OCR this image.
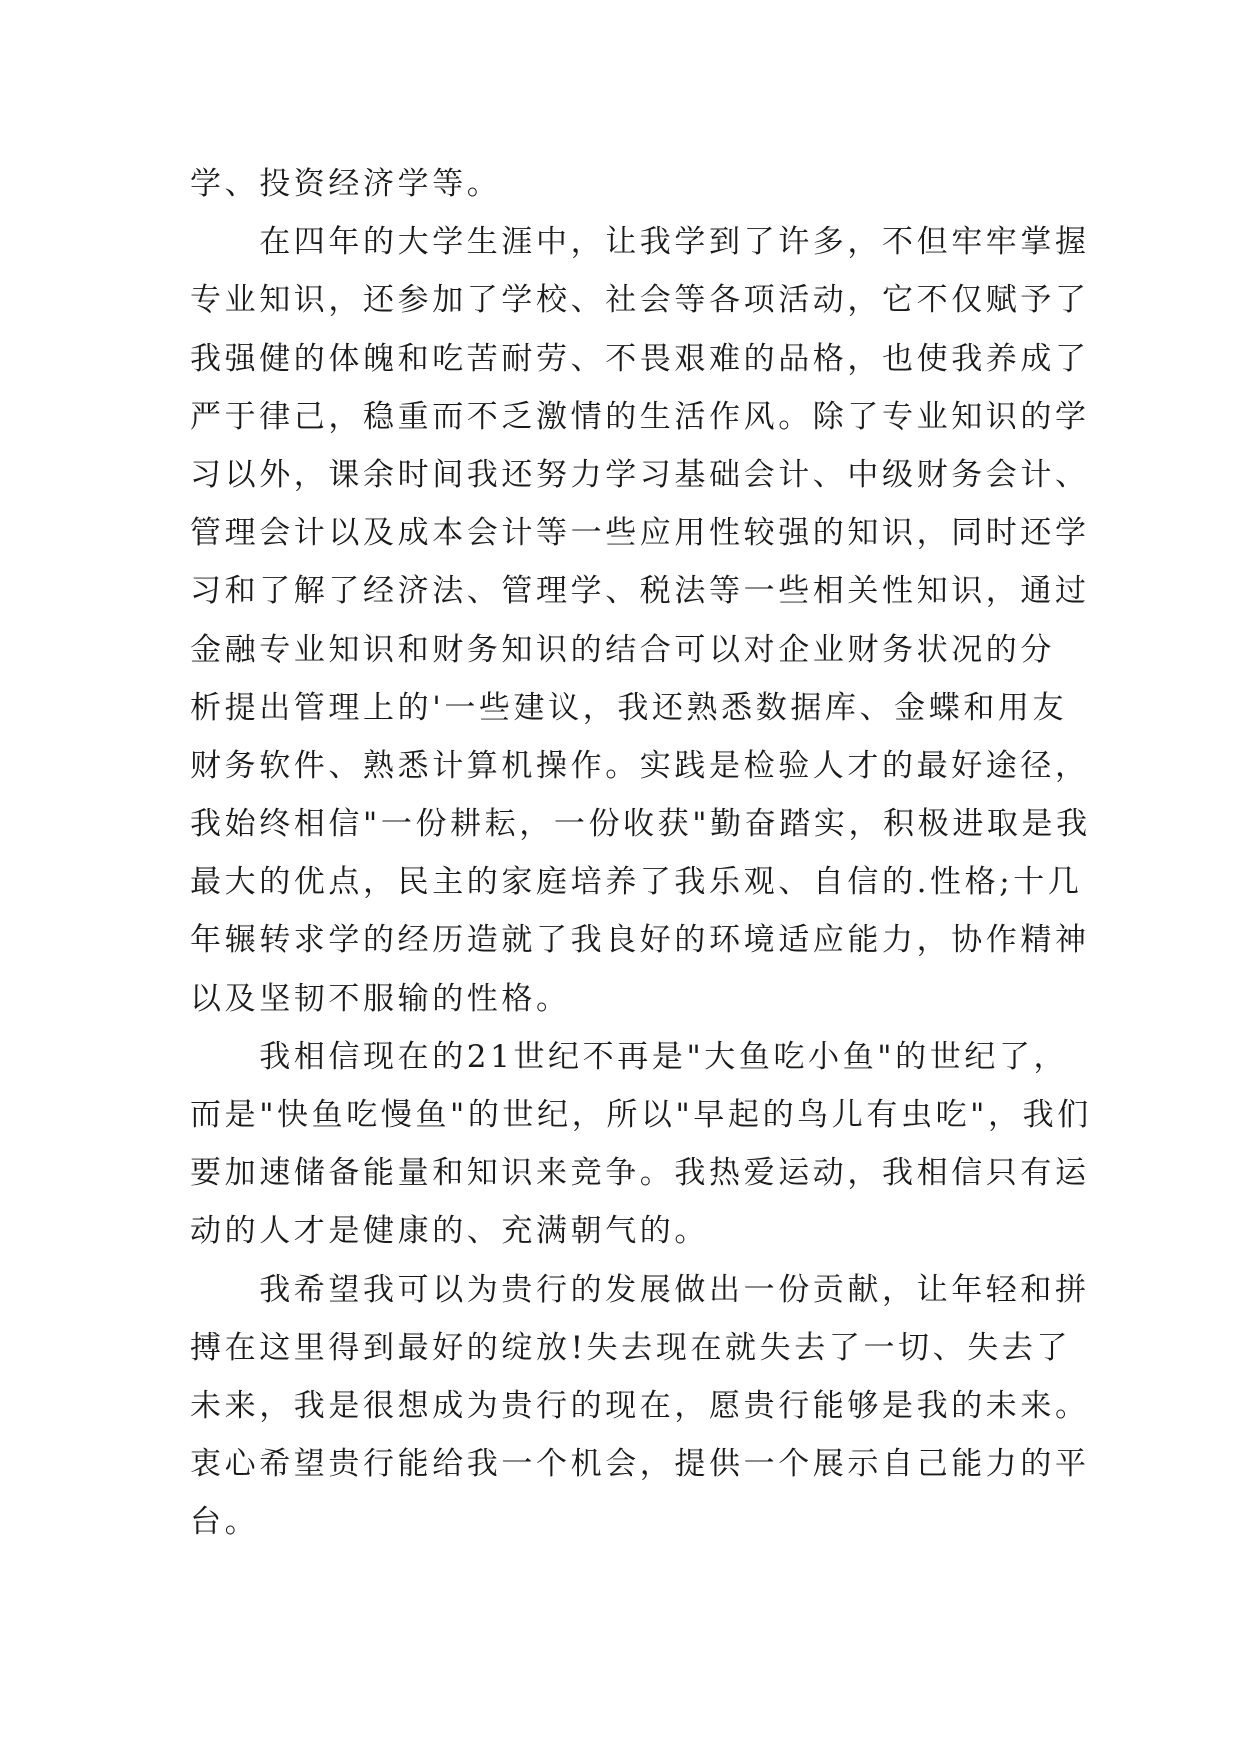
学、投资经济学等。
　　在四年的大学生涯中，让我学到了许多，不但牢牢掌握
专业知识，还参加了学校、社会等各项活动，它不仅赋予了
我强健的体魄和吃苦耐劳、不畏艰难的品格，也使我养成了
严于律己，稳重而不乏激情的生活作风。除了专业知识的学
习以外，课余时间我还努力学习基础会计、中级财务会计、
管理会计以及成本会计等一些应用性较强的知识，同时还学
习和了解了经济法、管理学、税法等一些相关性知识，通过
金融专业知识和财务知识的结合可以对企业财务状况的分
析提出管理上的'一些建议，我还熟悉数据库、金蝶和用友
财务软件、熟悉计算机操作。实践是检验人才的最好途径，
我始终相信"一份耕耘，一份收获"勤奋踏实，积极进取是我
最大的优点，民主的家庭培养了我乐观、自信的.性格;十几
年辗转求学的经历造就了我良好的环境适应能力，协作精神
以及坚韧不服输的性格。
　　我相信现在的21世纪不再是"大鱼吃小鱼"的世纪了，
而是"快鱼吃慢鱼"的世纪，所以"早起的鸟儿有虫吃"，我们
要加速储备能量和知识来竞争。我热爱运动，我相信只有运
动的人才是健康的、充满朝气的。
　　我希望我可以为贵行的发展做出一份贡献，让年轻和拼
搏在这里得到最好的绽放!失去现在就失去了一切、失去了
未来，我是很想成为贵行的现在，愿贵行能够是我的未来。
衷心希望贵行能给我一个机会，提供一个展示自己能力的平
台。
